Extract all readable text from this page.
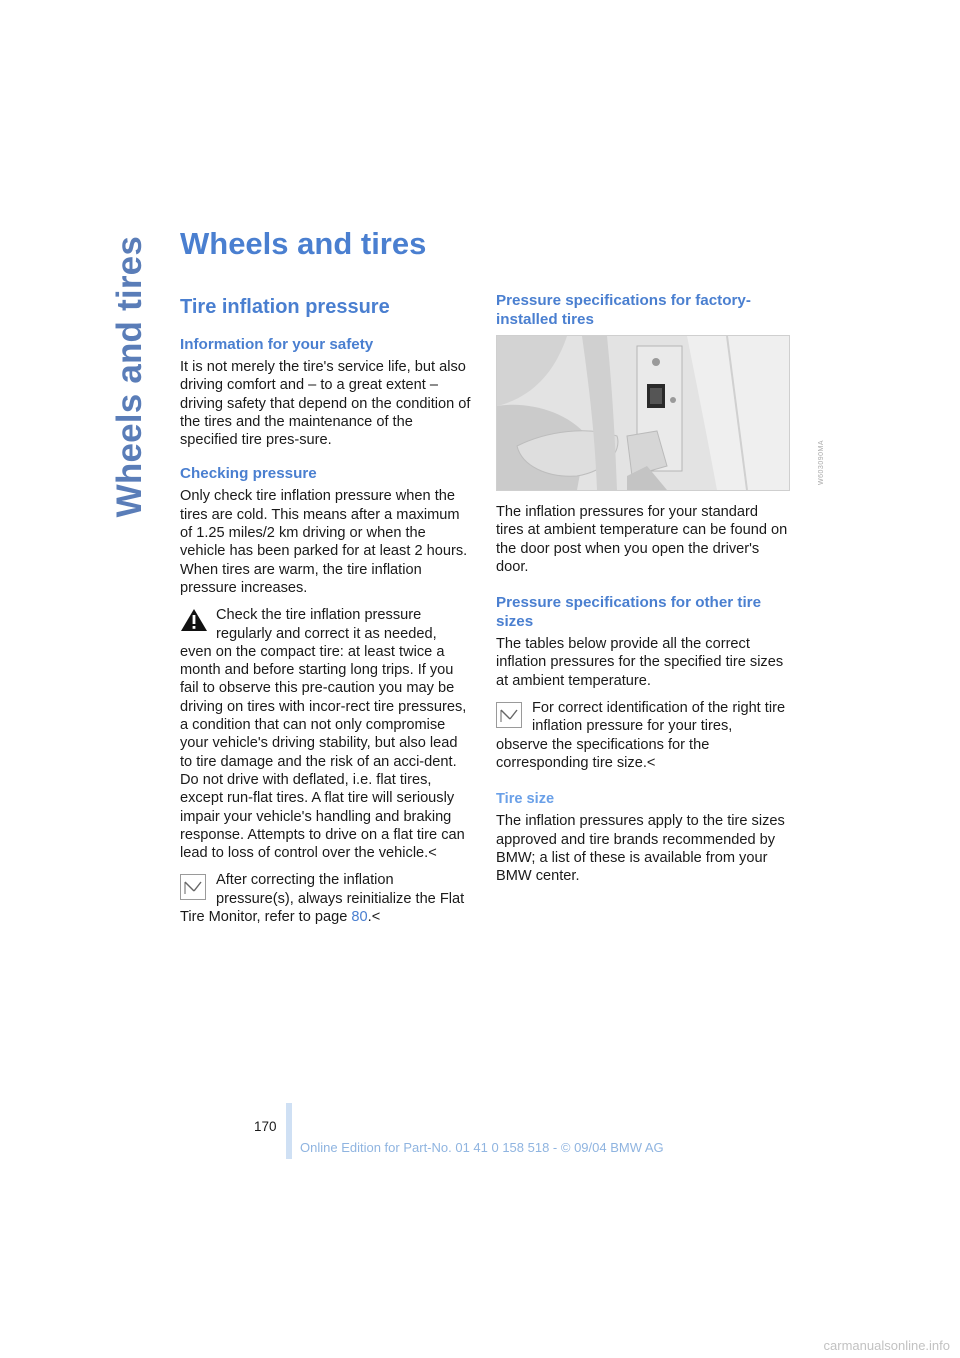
Wheels and tires Wheels and tires
Tire inflation pressure
Information for your safety

It is not merely the tire's service life, but also driving comfort and – to a great extent – driving safety that depend on the condition of the tires and the maintenance of the specified tire pres-sure.

Checking pressure

Only check tire inflation pressure when the tires are cold. This means after a maximum of 1.25 miles/2 km driving or when the vehicle has been parked for at least 2 hours. When tires are warm, the tire inflation pressure increases.

Check the tire inflation pressure regularly and correct it as needed, even on the compact tire: at least twice a month and before starting long trips. If you fail to observe this pre-caution you may be driving on tires with incor-rect tire pressures, a condition that can not only compromise your vehicle's driving stability, but also lead to tire damage and the risk of an acci-dent. Do not drive with deflated, i.e. flat tires, except run-flat tires. A flat tire will seriously impair your vehicle's handling and braking response. Attempts to drive on a flat tire can lead to loss of control over the vehicle.<
After correcting the inflation pressure(s), always reinitialize the Flat Tire Monitor, refer to page 80.<
Pressure specifications for factory-installed tires

The inflation pressures for your standard tires at ambient temperature can be found on the door post when you open the driver's door.

Pressure specifications for other tire sizes

The tables below provide all the correct inflation pressures for the specified tire sizes at ambient temperature.

For correct identification of the right tire inflation pressure for your tires, observe the specifications for the corresponding tire size.<
Tire size

The inflation pressures apply to the tire sizes approved and tire brands recommended by BMW; a list of these is available from your BMW center.

W603090MA
170
Online Edition for Part-No. 01 41 0 158 518 - © 09/04 BMW AG
carmanualsonline.info
